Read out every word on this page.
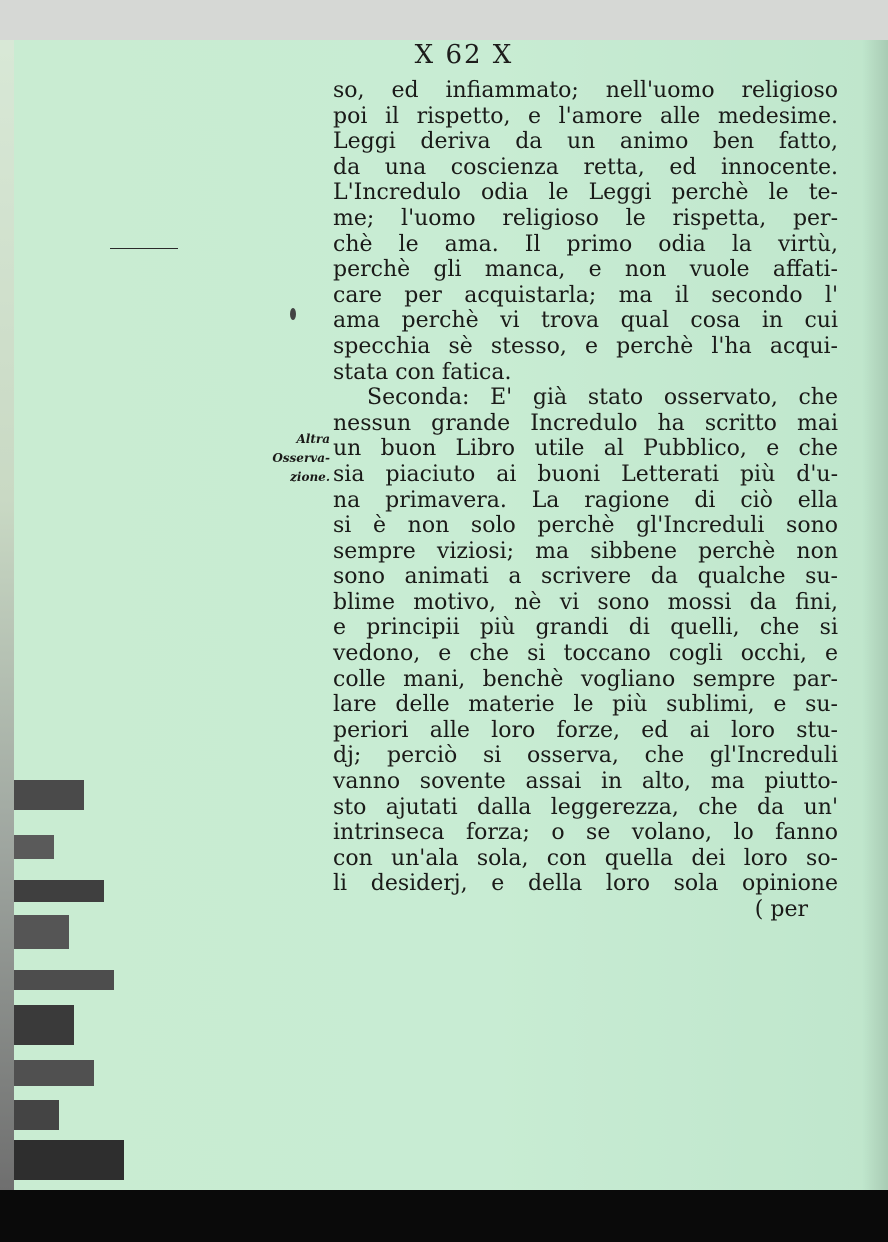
X 62 X
Altra
Osserva-
zione.
so, ed infiammato; nell'uomo religioso
poi il rispetto, e l'amore alle medesime.
Leggi deriva da un animo ben fatto,
da una coscienza retta, ed innocente.
L'Incredulo odia le Leggi perchè le te-
me; l'uomo religioso le rispetta, per-
chè le ama. Il primo odia la virtù,
perchè gli manca, e non vuole affati-
care per acquistarla; ma il secondo l'
ama perchè vi trova qual cosa in cui
specchia sè stesso, e perchè l'ha acqui-
stata con fatica.
Seconda: E' già stato osservato, che
nessun grande Incredulo ha scritto mai
un buon Libro utile al Pubblico, e che
sia piaciuto ai buoni Letterati più d'u-
na primavera. La ragione di ciò ella
si è non solo perchè gl'Increduli sono
sempre viziosi; ma sibbene perchè non
sono animati a scrivere da qualche su-
blime motivo, nè vi sono mossi da fini,
e principii più grandi di quelli, che si
vedono, e che si toccano cogli occhi, e
colle mani, benchè vogliano sempre par-
lare delle materie le più sublimi, e su-
periori alle loro forze, ed ai loro stu-
dj; perciò si osserva, che gl'Increduli
vanno sovente assai in alto, ma piutto-
sto ajutati dalla leggerezza, che da un'
intrinseca forza; o se volano, lo fanno
con un'ala sola, con quella dei loro so-
li desiderj, e della loro sola opinione
( per
